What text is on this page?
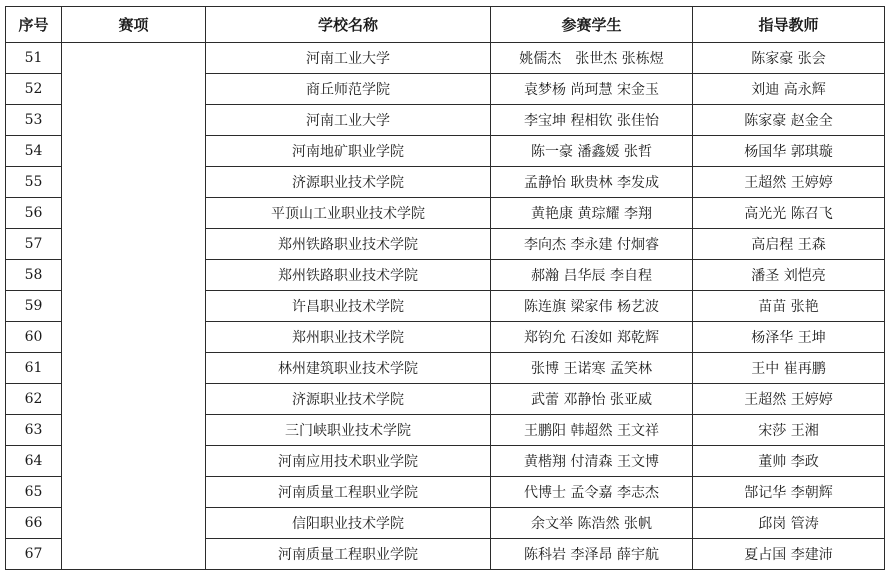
序号	赛项	学校名称	参赛学生	指导教师
51		河南工业大学	姚儒杰　张世杰 张栋煜	陈家豪 张会
52		商丘师范学院	袁梦杨 尚珂慧 宋金玉	刘迪 高永辉
53		河南工业大学	李宝坤 程相钦 张佳怡	陈家豪 赵金全
54		河南地矿职业学院	陈一豪 潘鑫媛 张哲	杨国华 郭琪璇
55		济源职业技术学院	孟静怡 耿贵林 李发成	王超然 王婷婷
56		平顶山工业职业技术学院	黄艳康 黄琮耀 李翔	高光光 陈召飞
57		郑州铁路职业技术学院	李向杰 李永建 付炯睿	高启程 王森
58		郑州铁路职业技术学院	郝瀚 吕华辰 李自程	潘圣 刘恺亮
59		许昌职业技术学院	陈连旗 梁家伟 杨艺波	苗苗 张艳
60		郑州职业技术学院	郑钧允 石浚如 郑乾辉	杨泽华 王坤
61		林州建筑职业技术学院	张博 王诺寒 孟笑林	王中 崔再鹏
62		济源职业技术学院	武蕾 邓静怡 张亚威	王超然 王婷婷
63		三门峡职业技术学院	王鹏阳 韩超然 王文祥	宋莎 王湘
64		河南应用技术职业学院	黄楷翔 付清森 王文博	董帅 李政
65		河南质量工程职业学院	代博士 孟令嘉 李志杰	郜记华 李朝辉
66		信阳职业技术学院	余文举 陈浩然 张帆	邱岗 管涛
67		河南质量工程职业学院	陈科岩 李泽昂 薛宇航	夏占国 李建沛
